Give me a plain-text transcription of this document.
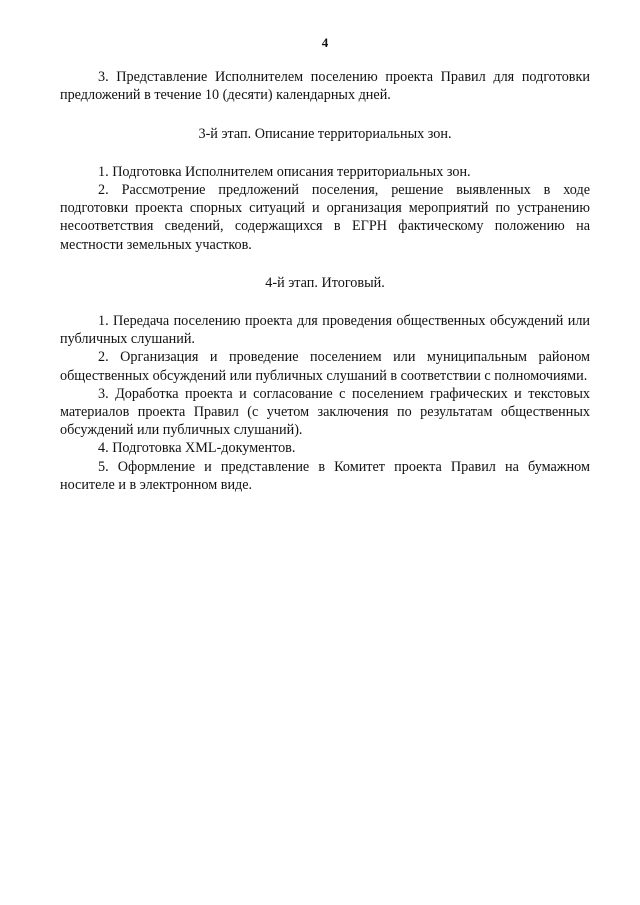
4

3. Представление Исполнителем поселению проекта Правил для подготовки предложений в течение 10 (десяти) календарных дней.

3-й этап. Описание территориальных зон.

1. Подготовка Исполнителем описания территориальных зон.

2. Рассмотрение предложений поселения, решение выявленных в ходе подготовки проекта спорных ситуаций и организация мероприятий по устранению несоответствия сведений, содержащихся в ЕГРН фактическому положению на местности земельных участков.

4-й этап. Итоговый.

1. Передача поселению проекта для проведения общественных обсуждений или публичных слушаний.

2. Организация и проведение поселением или муниципальным районом общественных обсуждений или публичных слушаний в соответствии с полномочиями.

3. Доработка проекта и согласование с поселением графических и текстовых материалов проекта Правил (с учетом заключения по результатам общественных обсуждений или публичных слушаний).

4. Подготовка XML-документов.

5. Оформление и представление в Комитет проекта Правил на бумажном носителе и в электронном виде.
